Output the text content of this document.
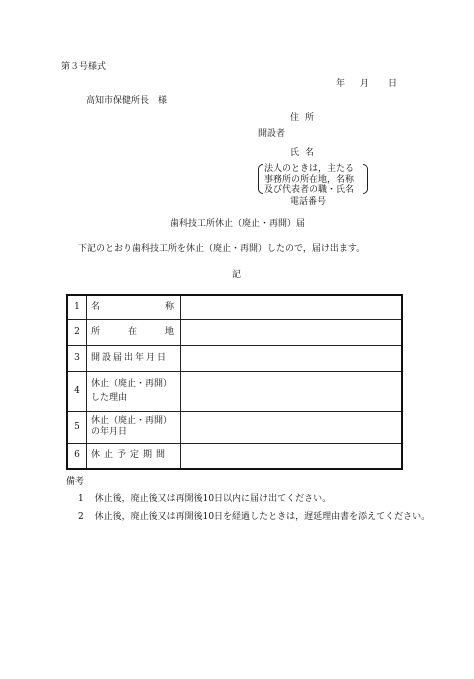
第３号様式
年 月 日
高知市保健所長　様
住所
開設者
氏名
法人のときは，主たる
事務所の所在地，名称
及び代表者の職・氏名
電話番号
歯科技工所休止（廃止・再開）届
下記のとおり歯科技工所を休止（廃止・再開）したので，届け出ます。
記
1	名 称	

2	所 在 地	

3	開設届出年月日	
4	休止（廃止・再開）
した理由	

5	休止（廃止・再開）
の年月日	

6	休止予定期間	
備考
1 休止後，廃止後又は再開後10日以内に届け出てください。
2 休止後，廃止後又は再開後10日を経過したときは，遅延理由書を添えてください。
